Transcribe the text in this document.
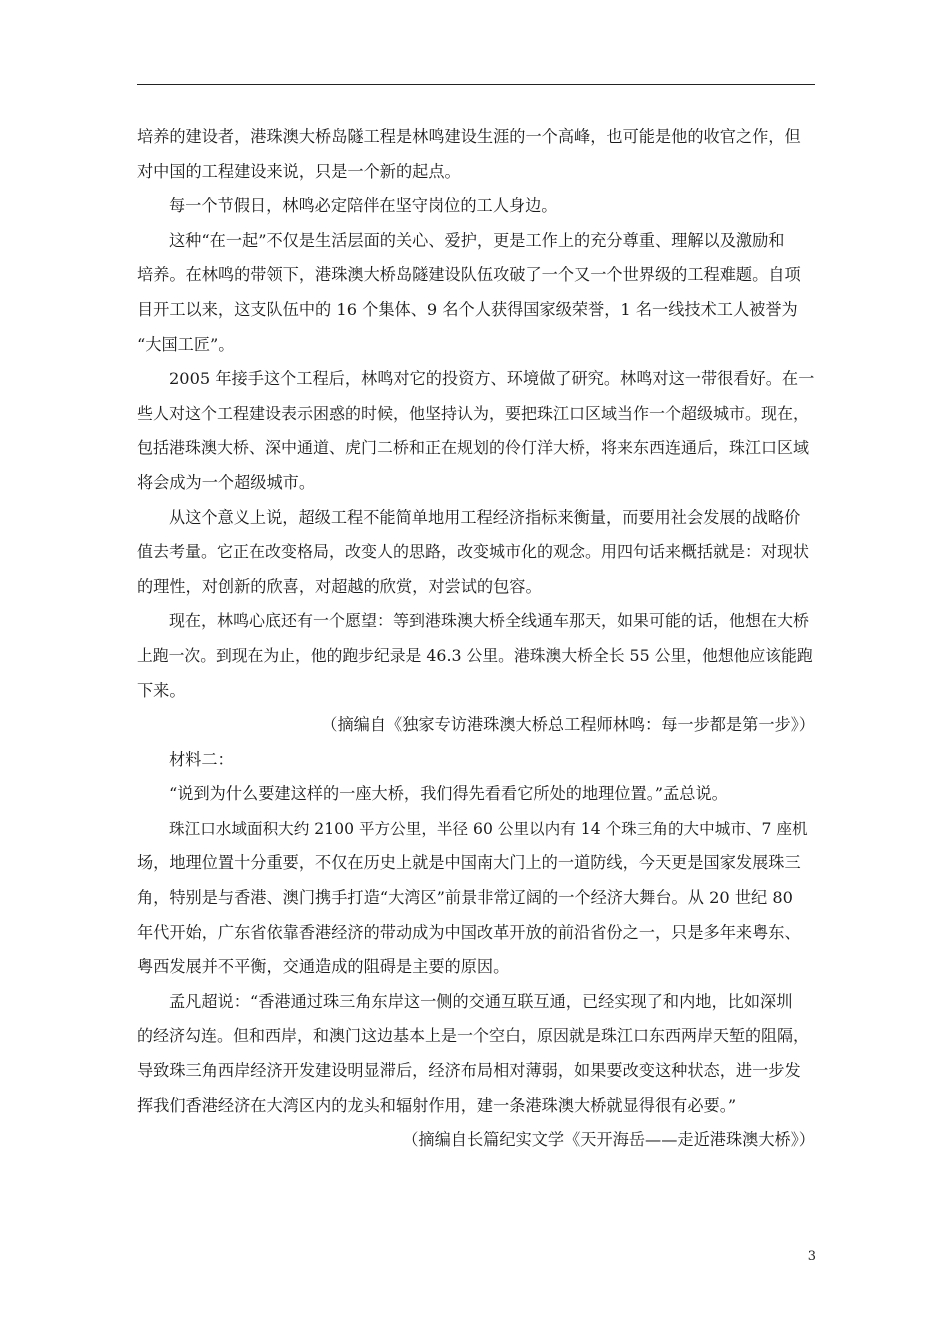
培养的建设者，港珠澳大桥岛隧工程是林鸣建设生涯的一个高峰，也可能是他的收官之作，但
对中国的工程建设来说，只是一个新的起点。
每一个节假日，林鸣必定陪伴在坚守岗位的工人身边。
这种“在一起”不仅是生活层面的关心、爱护，更是工作上的充分尊重、理解以及激励和
培养。在林鸣的带领下，港珠澳大桥岛隧建设队伍攻破了一个又一个世界级的工程难题。自项
目开工以来，这支队伍中的 16 个集体、9 名个人获得国家级荣誉，1 名一线技术工人被誉为
“大国工匠”。
2005 年接手这个工程后，林鸣对它的投资方、环境做了研究。林鸣对这一带很看好。在一
些人对这个工程建设表示困惑的时候，他坚持认为，要把珠江口区域当作一个超级城市。现在，
包括港珠澳大桥、深中通道、虎门二桥和正在规划的伶仃洋大桥，将来东西连通后，珠江口区域
将会成为一个超级城市。
从这个意义上说，超级工程不能简单地用工程经济指标来衡量，而要用社会发展的战略价
值去考量。它正在改变格局，改变人的思路，改变城市化的观念。用四句话来概括就是：对现状
的理性，对创新的欣喜，对超越的欣赏，对尝试的包容。
现在，林鸣心底还有一个愿望：等到港珠澳大桥全线通车那天，如果可能的话，他想在大桥
上跑一次。到现在为止，他的跑步纪录是 46.3 公里。港珠澳大桥全长 55 公里，他想他应该能跑
下来。
（摘编自《独家专访港珠澳大桥总工程师林鸣：每一步都是第一步》）
材料二：
“说到为什么要建这样的一座大桥，我们得先看看它所处的地理位置。”孟总说。
珠江口水域面积大约 2100 平方公里，半径 60 公里以内有 14 个珠三角的大中城市、7 座机
场，地理位置十分重要，不仅在历史上就是中国南大门上的一道防线，今天更是国家发展珠三
角，特别是与香港、澳门携手打造“大湾区”前景非常辽阔的一个经济大舞台。从 20 世纪 80
年代开始，广东省依靠香港经济的带动成为中国改革开放的前沿省份之一，只是多年来粤东、
粤西发展并不平衡，交通造成的阻碍是主要的原因。
孟凡超说：“香港通过珠三角东岸这一侧的交通互联互通，已经实现了和内地，比如深圳
的经济勾连。但和西岸，和澳门这边基本上是一个空白，原因就是珠江口东西两岸天堑的阻隔，
导致珠三角西岸经济开发建设明显滞后，经济布局相对薄弱，如果要改变这种状态，进一步发
挥我们香港经济在大湾区内的龙头和辐射作用，建一条港珠澳大桥就显得很有必要。”
（摘编自长篇纪实文学《天开海岳——走近港珠澳大桥》）
3
